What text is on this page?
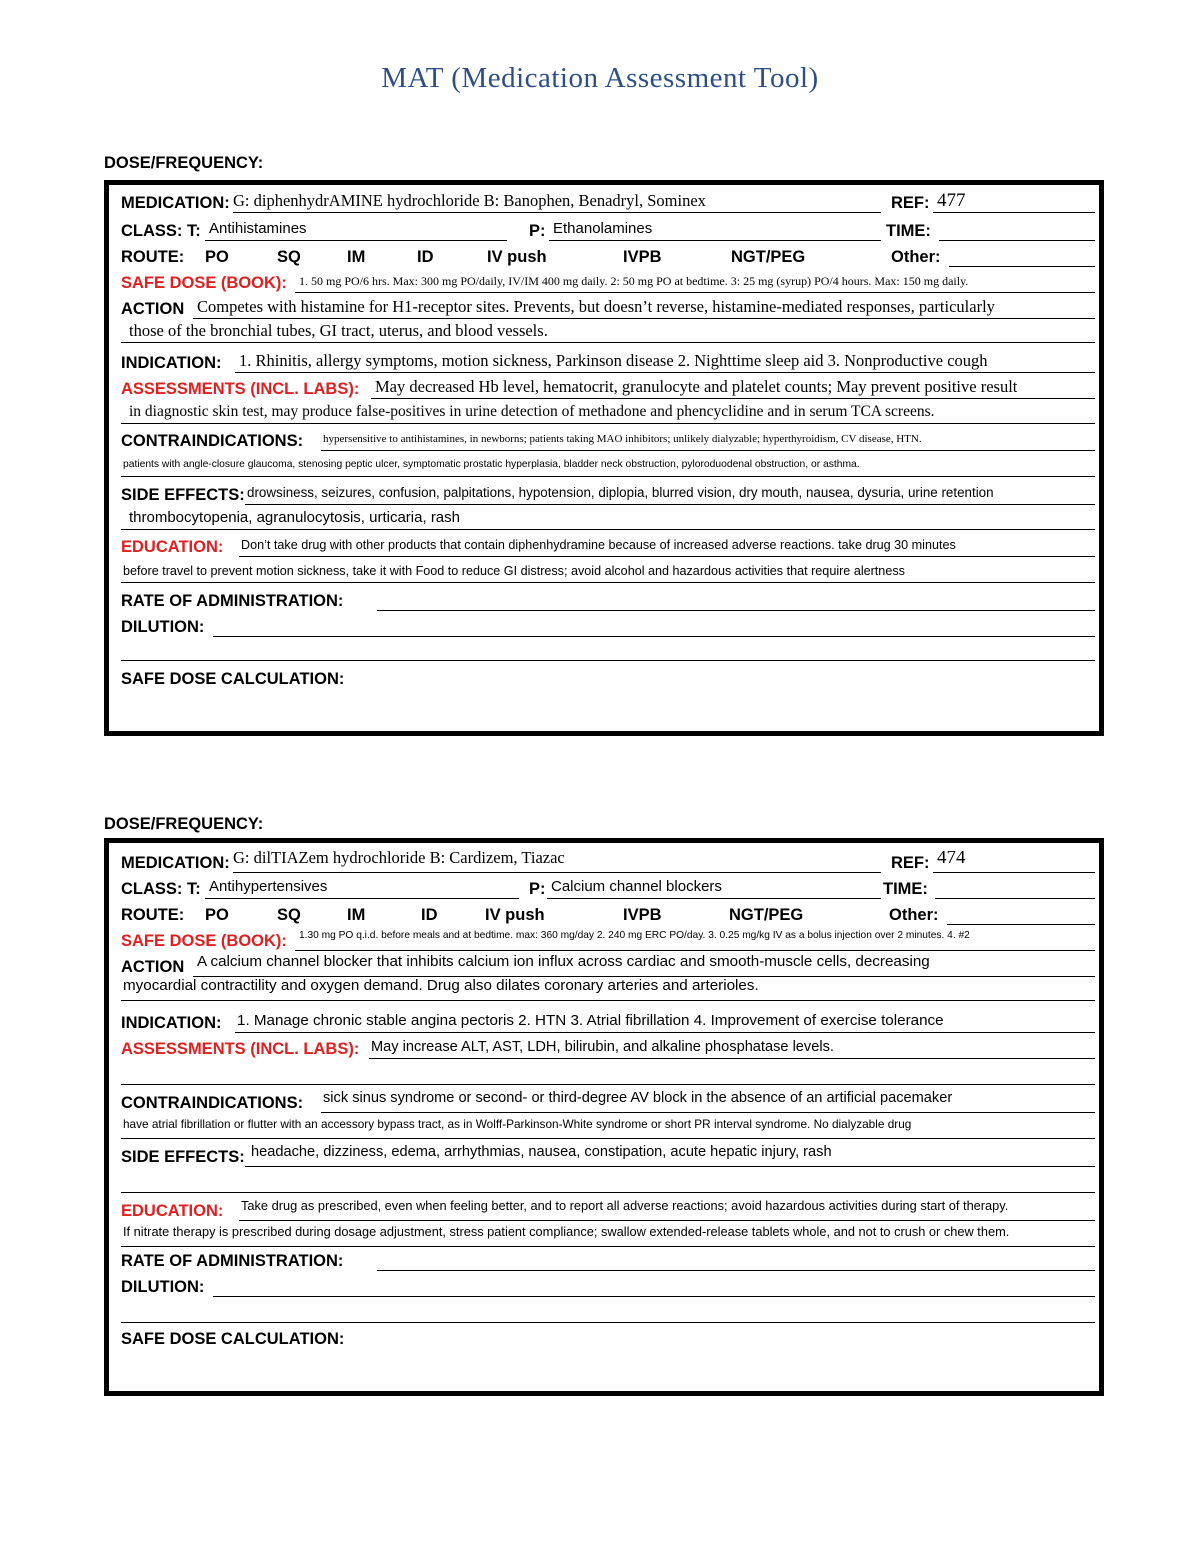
MAT (Medication Assessment Tool)
DOSE/FREQUENCY:
MEDICATION: G: diphenhydrAMINE hydrochloride B: Banophen, Benadryl, Sominex	REF: 477
CLASS: T: Antihistamines	P: Ethanolamines	TIME:
ROUTE: PO	SQ	IM	ID	IV push	IVPB	NGT/PEG	Other:
SAFE DOSE (BOOK): 1. 50 mg PO/6 hrs. Max: 300 mg PO/daily, IV/IM 400 mg daily. 2: 50 mg PO at bedtime. 3: 25 mg (syrup) PO/4 hours. Max: 150 mg daily.
ACTION Competes with histamine for H1-receptor sites. Prevents, but doesn’t reverse, histamine-mediated responses, particularly
those of the bronchial tubes, GI tract, uterus, and blood vessels.
INDICATION: 1. Rhinitis, allergy symptoms, motion sickness, Parkinson disease 2. Nighttime sleep aid 3. Nonproductive cough
ASSESSMENTS (INCL. LABS): May decreased Hb level, hematocrit, granulocyte and platelet counts; May prevent positive result
in diagnostic skin test, may produce false-positives in urine detection of methadone and phencyclidine and in serum TCA screens.
CONTRAINDICATIONS: hypersensitive to antihistamines, in newborns; patients taking MAO inhibitors; unlikely dialyzable; hyperthyroidism, CV disease, HTN.
patients with angle-closure glaucoma, stenosing peptic ulcer, symptomatic prostatic hyperplasia, bladder neck obstruction, pyloroduodenal obstruction, or asthma.
SIDE EFFECTS: drowsiness, seizures, confusion, palpitations, hypotension, diplopia, blurred vision, dry mouth, nausea, dysuria, urine retention
thrombocytopenia, agranulocytosis, urticaria, rash
EDUCATION: Don’t take drug with other products that contain diphenhydramine because of increased adverse reactions. take drug 30 minutes
before travel to prevent motion sickness, take it with Food to reduce GI distress; avoid alcohol and hazardous activities that require alertness
RATE OF ADMINISTRATION:
DILUTION:
SAFE DOSE CALCULATION:
DOSE/FREQUENCY:
MEDICATION: G: dilTIAZem hydrochloride B: Cardizem, Tiazac	REF: 474
CLASS: T: Antihypertensives	P: Calcium channel blockers	TIME:
ROUTE: PO	SQ	IM	ID	IV push	IVPB	NGT/PEG	Other:
SAFE DOSE (BOOK): 1.30 mg PO q.i.d. before meals and at bedtime. max: 360 mg/day 2. 240 mg ERC PO/day. 3. 0.25 mg/kg IV as a bolus injection over 2 minutes. 4. #2
ACTION A calcium channel blocker that inhibits calcium ion influx across cardiac and smooth-muscle cells, decreasing
myocardial contractility and oxygen demand. Drug also dilates coronary arteries and arterioles.
INDICATION: 1. Manage chronic stable angina pectoris 2. HTN 3. Atrial fibrillation 4. Improvement of exercise tolerance
ASSESSMENTS (INCL. LABS): May increase ALT, AST, LDH, bilirubin, and alkaline phosphatase levels.
CONTRAINDICATIONS: sick sinus syndrome or second- or third-degree AV block in the absence of an artificial pacemaker
have atrial fibrillation or flutter with an accessory bypass tract, as in Wolff-Parkinson-White syndrome or short PR interval syndrome. No dialyzable drug
SIDE EFFECTS: headache, dizziness, edema, arrhythmias, nausea, constipation, acute hepatic injury, rash
EDUCATION: Take drug as prescribed, even when feeling better, and to report all adverse reactions; avoid hazardous activities during start of therapy.
If nitrate therapy is prescribed during dosage adjustment, stress patient compliance; swallow extended-release tablets whole, and not to crush or chew them.
RATE OF ADMINISTRATION:
DILUTION:
SAFE DOSE CALCULATION:
